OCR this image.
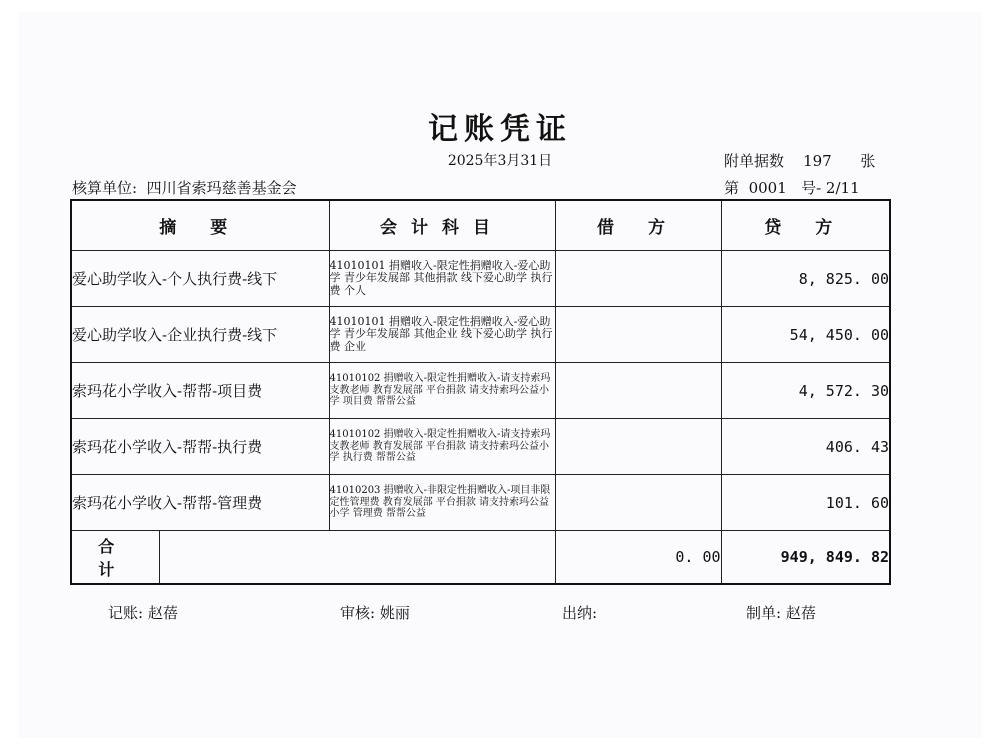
记账凭证
2025年3月31日	附单据数 197 张
核算单位: 四川省索玛慈善基金会	第 0001 号- 2/11
摘 要		会计科目	借 方	贷 方
爱心助学收入-个人执行费-线下		41010101 捐赠收入-限定性捐赠收入-爱心助学 青少年发展部 其他捐款 线下爱心助学 执行费 个人		8, 825. 00
爱心助学收入-企业执行费-线下		41010101 捐赠收入-限定性捐赠收入-爱心助学 青少年发展部 其他企业 线下爱心助学 执行费 企业		54, 450. 00
索玛花小学收入-帮帮-项目费		41010102 捐赠收入-限定性捐赠收入-请支持索玛支教老师 教育发展部 平台捐款 请支持索玛公益小学 项目费 帮帮公益		4, 572. 30
索玛花小学收入-帮帮-执行费		41010102 捐赠收入-限定性捐赠收入-请支持索玛支教老师 教育发展部 平台捐款 请支持索玛公益小学 执行费 帮帮公益		406. 43
索玛花小学收入-帮帮-管理费		41010203 捐赠收入-非限定性捐赠收入-项目非限定性管理费 教育发展部 平台捐款 请支持索玛公益小学 管理费 帮帮公益		101. 60
合 计			0. 00	949, 849. 82
记账: 赵蓓	审核: 姚丽	出纳:	制单: 赵蓓
